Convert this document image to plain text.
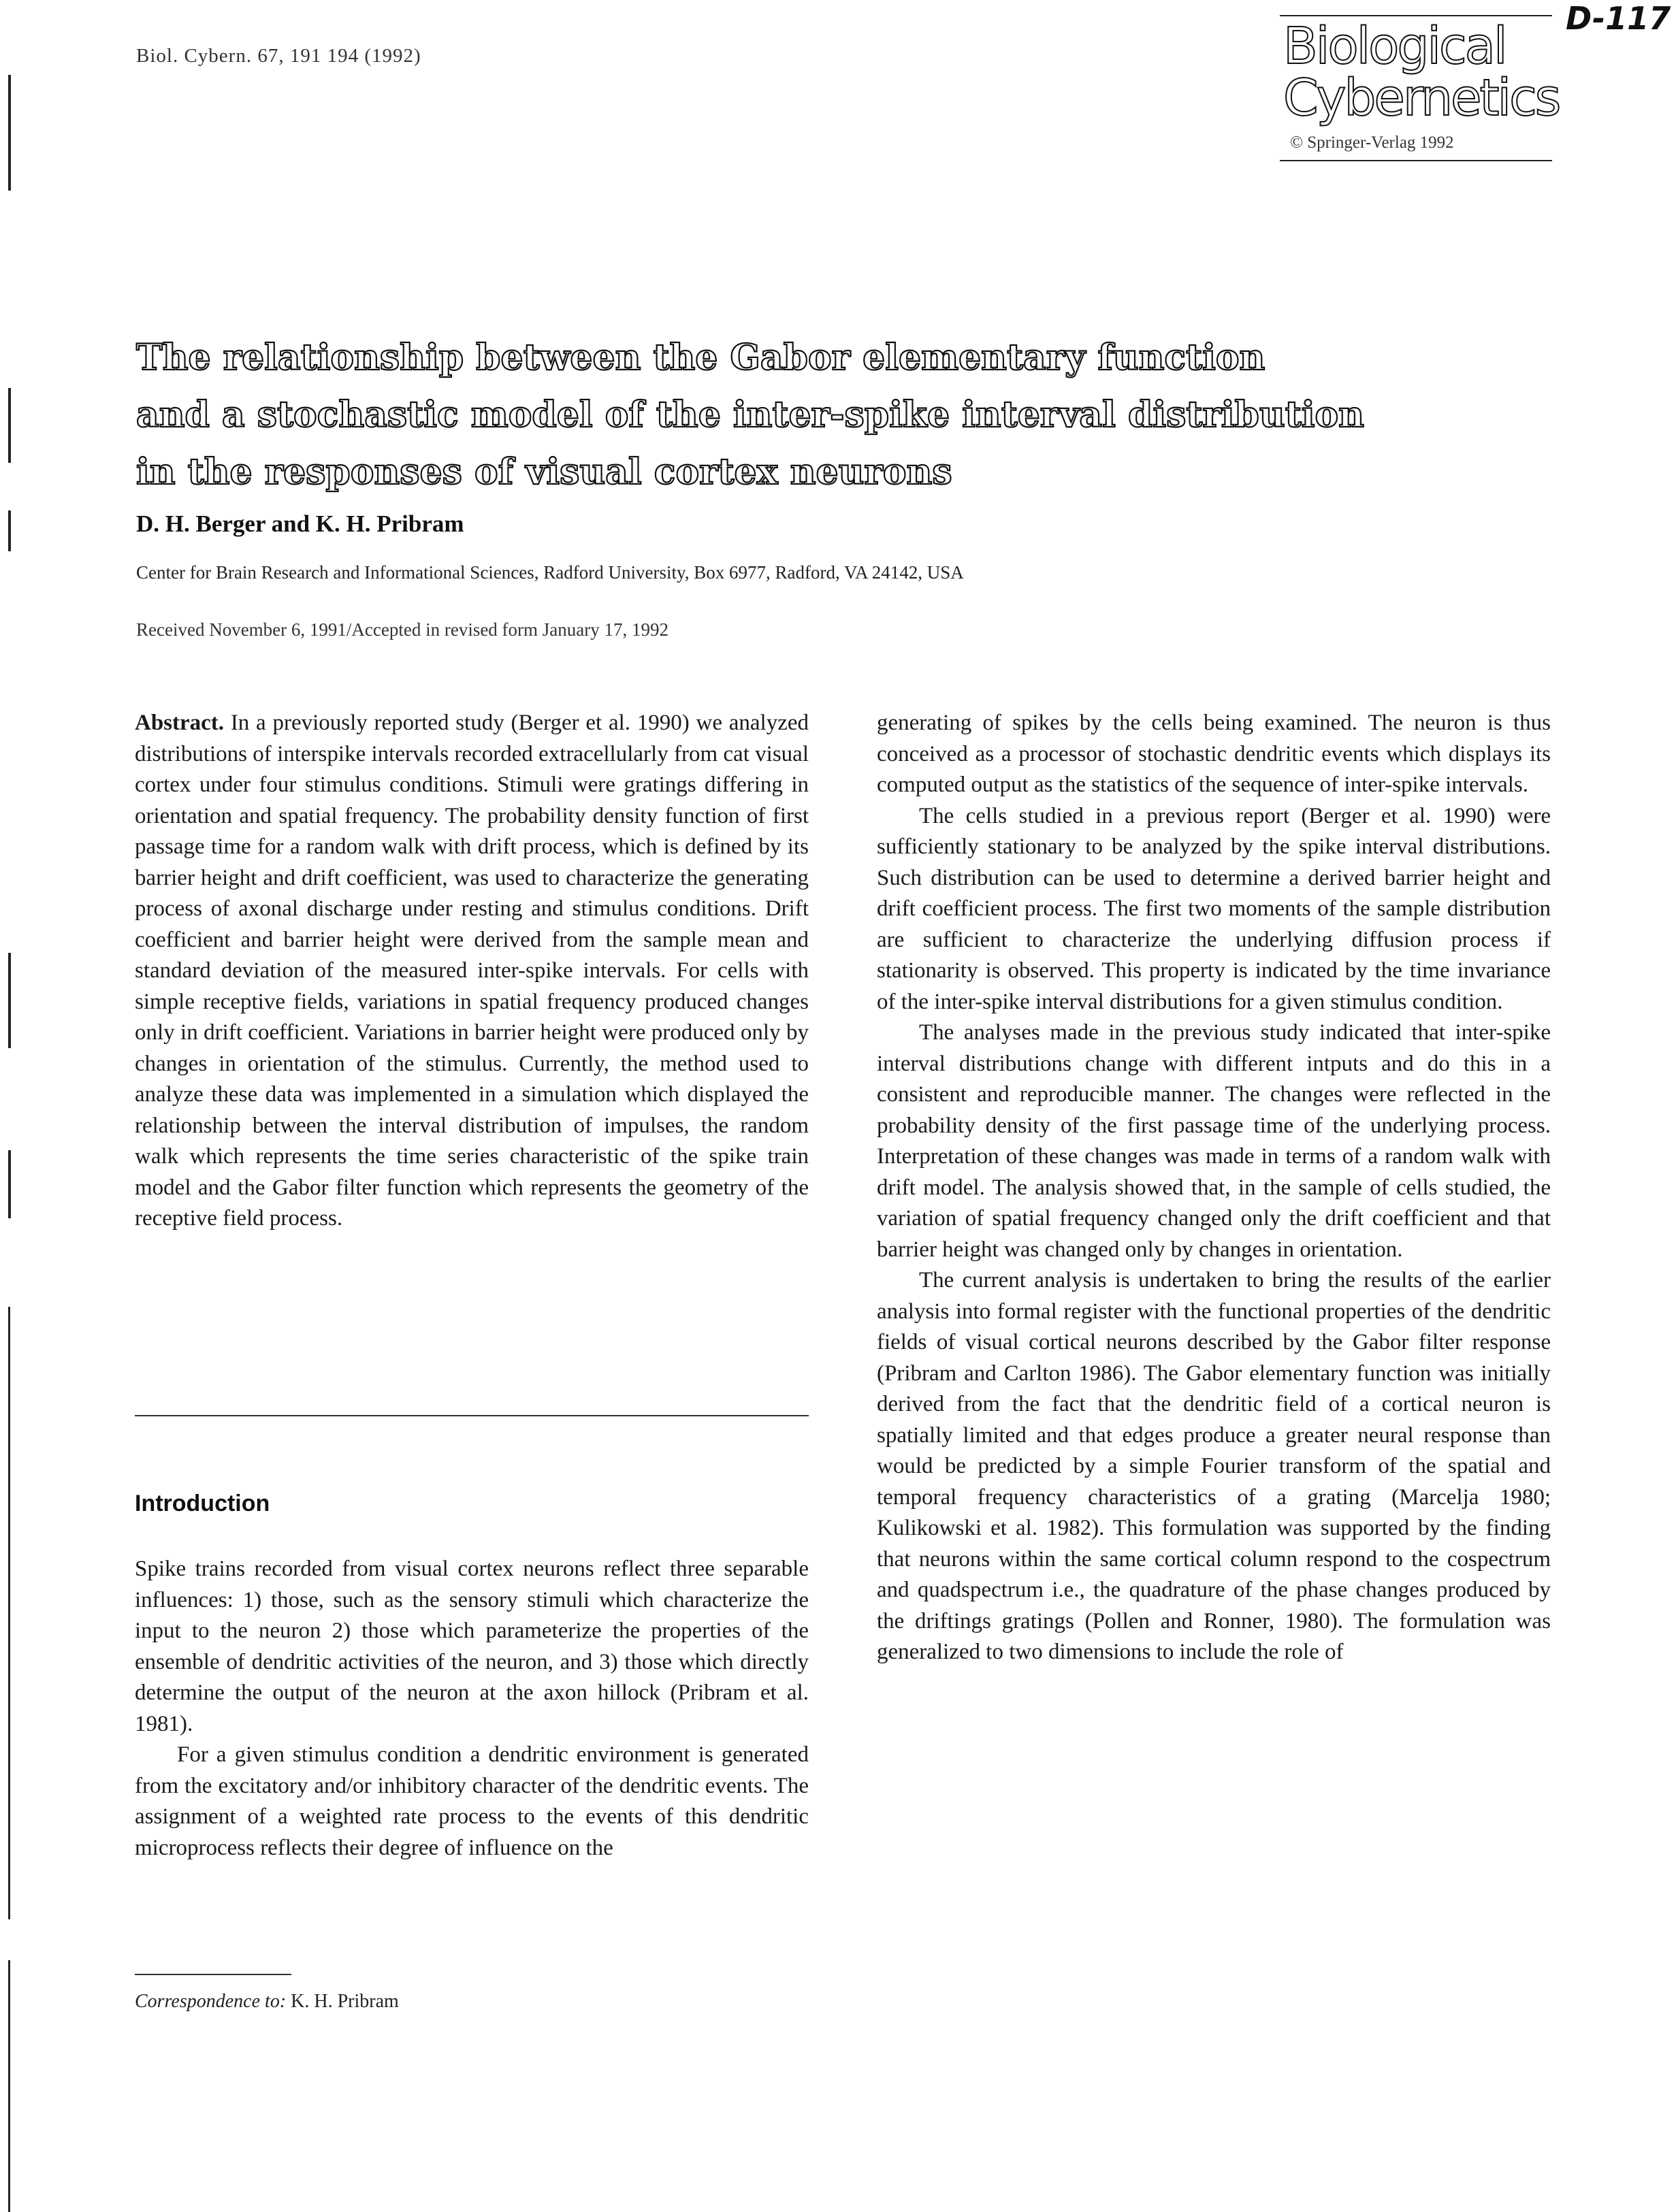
Biol. Cybern. 67, 191 194 (1992)
D-117
Biological
Cybernetics
© Springer-Verlag 1992
The relationship between the Gabor elementary function
and a stochastic model of the inter-spike interval distribution
in the responses of visual cortex neurons
D. H. Berger and K. H. Pribram
Center for Brain Research and Informational Sciences, Radford University, Box 6977, Radford, VA 24142, USA
Received November 6, 1991/Accepted in revised form January 17, 1992

Abstract. In a previously reported study (Berger et al. 1990) we analyzed distributions of interspike intervals recorded extracellularly from cat visual cortex under four stimulus conditions. Stimuli were gratings differing in orientation and spatial frequency. The probability density function of first passage time for a random walk with drift process, which is defined by its barrier height and drift coefficient, was used to characterize the generating process of axonal discharge under resting and stimulus conditions. Drift coefficient and barrier height were derived from the sample mean and standard deviation of the measured inter-spike intervals. For cells with simple receptive fields, variations in spatial frequency produced changes only in drift coefficient. Variations in barrier height were produced only by changes in orientation of the stimulus. Currently, the method used to analyze these data was implemented in a simulation which displayed the relationship between the interval distribution of impulses, the random walk which represents the time series characteristic of the spike train model and the Gabor filter function which represents the geometry of the receptive field process.

Introduction

Spike trains recorded from visual cortex neurons reflect three separable influences: 1) those, such as the sensory stimuli which characterize the input to the neuron 2) those which parameterize the properties of the ensemble of dendritic activities of the neuron, and 3) those which directly determine the output of the neuron at the axon hillock (Pribram et al. 1981).

For a given stimulus condition a dendritic environment is generated from the excitatory and/or inhibitory character of the dendritic events. The assignment of a weighted rate process to the events of this dendritic microprocess reflects their degree of influence on the

generating of spikes by the cells being examined. The neuron is thus conceived as a processor of stochastic dendritic events which displays its computed output as the statistics of the sequence of inter-spike intervals.

The cells studied in a previous report (Berger et al. 1990) were sufficiently stationary to be analyzed by the spike interval distributions. Such distribution can be used to determine a derived barrier height and drift coefficient process. The first two moments of the sample distribution are sufficient to characterize the underlying diffusion process if stationarity is observed. This property is indicated by the time invariance of the inter-spike interval distributions for a given stimulus condition.

The analyses made in the previous study indicated that inter-spike interval distributions change with different intputs and do this in a consistent and reproducible manner. The changes were reflected in the probability density of the first passage time of the underlying process. Interpretation of these changes was made in terms of a random walk with drift model. The analysis showed that, in the sample of cells studied, the variation of spatial frequency changed only the drift coefficient and that barrier height was changed only by changes in orientation.

The current analysis is undertaken to bring the results of the earlier analysis into formal register with the functional properties of the dendritic fields of visual cortical neurons described by the Gabor filter response (Pribram and Carlton 1986). The Gabor elementary function was initially derived from the fact that the dendritic field of a cortical neuron is spatially limited and that edges produce a greater neural response than would be predicted by a simple Fourier transform of the spatial and temporal frequency characteristics of a grating (Marcelja 1980; Kulikowski et al. 1982). This formulation was supported by the finding that neurons within the same cortical column respond to the cospectrum and quadspectrum i.e., the quadrature of the phase changes produced by the driftings gratings (Pollen and Ronner, 1980). The formulation was generalized to two dimensions to include the role of

Correspondence to: K. H. Pribram
